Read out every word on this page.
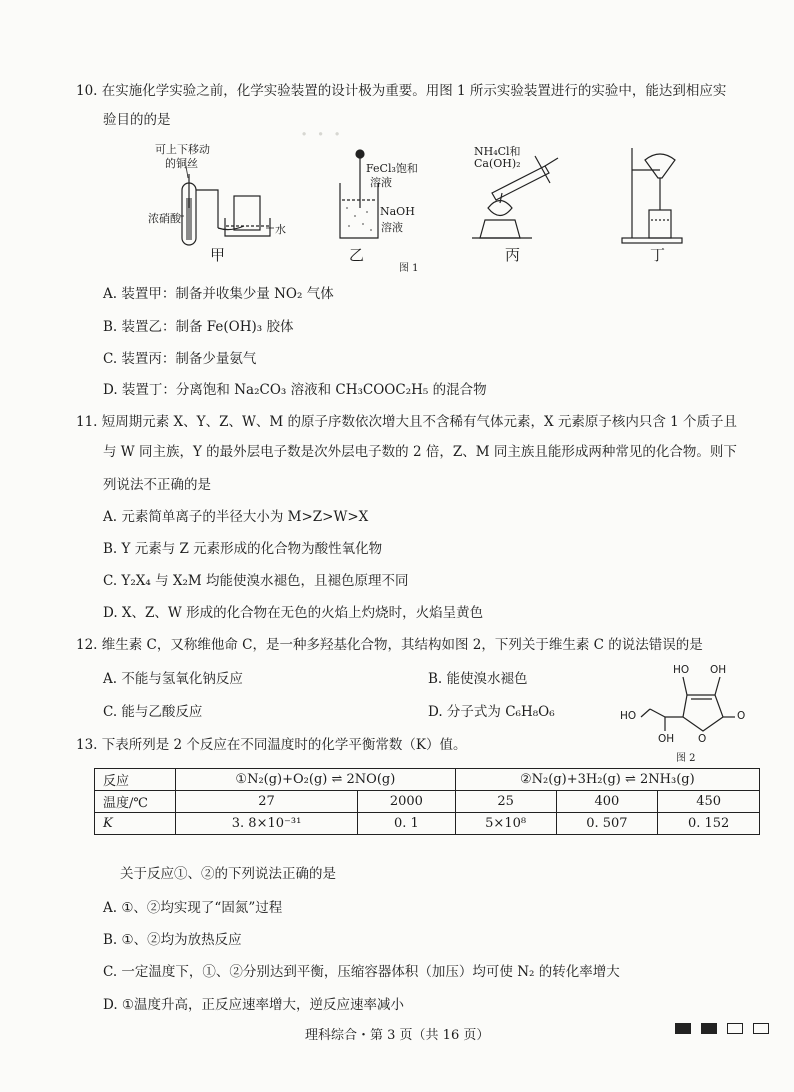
· · ·
10. 在实施化学实验之前，化学实验装置的设计极为重要。用图 1 所示实验装置进行的实验中，能达到相应实
验目的的是
可上下移动
的铜丝
浓硝酸
水
甲
FeCl₃饱和
溶液
NaOH
溶液
乙
图 1
NH₄Cl和
Ca(OH)₂
丙	丁
A. 装置甲：制备并收集少量 NO₂ 气体
B. 装置乙：制备 Fe(OH)₃ 胶体
C. 装置丙：制备少量氨气
D. 装置丁：分离饱和 Na₂CO₃ 溶液和 CH₃COOC₂H₅ 的混合物
11. 短周期元素 X、Y、Z、W、M 的原子序数依次增大且不含稀有气体元素，X 元素原子核内只含 1 个质子且
与 W 同主族，Y 的最外层电子数是次外层电子数的 2 倍，Z、M 同主族且能形成两种常见的化合物。则下
列说法不正确的是
A. 元素简单离子的半径大小为 M>Z>W>X
B. Y 元素与 Z 元素形成的化合物为酸性氧化物
C. Y₂X₄ 与 X₂M 均能使溴水褪色，且褪色原理不同
D. X、Z、W 形成的化合物在无色的火焰上灼烧时，火焰呈黄色
12. 维生素 C，又称维他命 C，是一种多羟基化合物，其结构如图 2，下列关于维生素 C 的说法错误的是
A. 不能与氢氧化钠反应	B. 能使溴水褪色
C. 能与乙酸反应	D. 分子式为 C₆H₈O₆
HO OH
HO
OH O
O
图 2
13. 下表所列是 2 个反应在不同温度时的化学平衡常数（K）值。
反应	①N₂(g)+O₂(g) ⇌ 2NO(g)		②N₂(g)+3H₂(g) ⇌ 2NH₃(g)		
温度/℃	27	2000	25	400	450
K	3. 8×10⁻³¹	0. 1	5×10⁸	0. 507	0. 152
关于反应①、②的下列说法正确的是
A. ①、②均实现了“固氮”过程
B. ①、②均为放热反应
C. 一定温度下，①、②分别达到平衡，压缩容器体积（加压）均可使 N₂ 的转化率增大
D. ①温度升高，正反应速率增大，逆反应速率减小
理科综合・第 3 页（共 16 页）
